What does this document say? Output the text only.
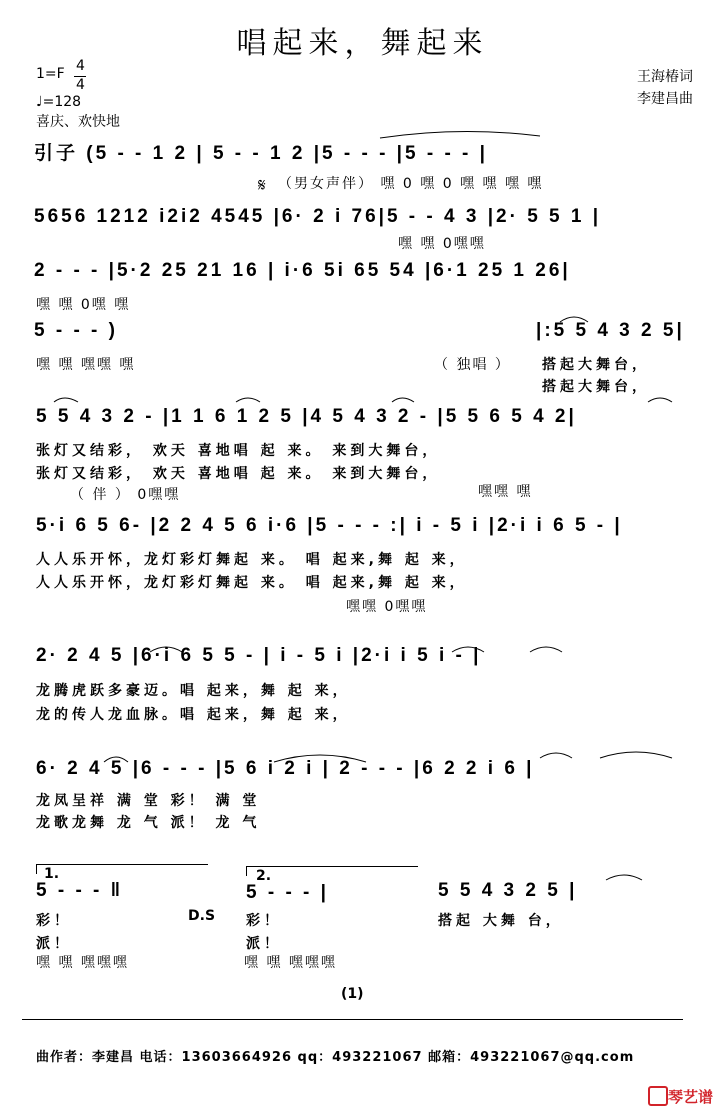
唱起来，舞起来
1=F 4
4
♩=128
喜庆、欢快地
王海椿词
李建昌曲
引子 (5 - - 1 2 | 5 - - 1 2 |5 - - - |5 - - - |
𝄋 （男女声伴） 嘿 0 嘿 0 嘿 嘿 嘿 嘿
5656 1212 i2i2 4545 |6· 2 i 76|5 - - 4 3 |2· 5 5 1 |
嘿 嘿 0嘿嘿
2 - - - |5·2 25 21 16 | i·6 5i 65 54 |6·1 25 1 26|
嘿 嘿 0嘿 嘿
5 - - - )	|:5 5 4 3 2 5|
嘿 嘿 嘿嘿 嘿	（ 独唱 ） 搭起大舞台，
搭起大舞台，
5 5 4 3 2 - |1 1 6 1 2 5 |4 5 4 3 2 - |5 5 6 5 4 2|
张灯又结彩， 欢天 喜地唱 起 来。 来到大舞台，
张灯又结彩， 欢天 喜地唱 起 来。 来到大舞台，
（ 伴 ） 0嘿嘿	嘿嘿 嘿
5·i 6 5 6- |2 2 4 5 6 i·6 |5 - - - :| i - 5 i |2·i i 6 5 - |
人人乐开怀，龙灯彩灯舞起 来。 唱 起来,舞 起 来，
人人乐开怀，龙灯彩灯舞起 来。 唱 起来,舞 起 来，
嘿嘿 0嘿嘿
2· 2 4 5 |6·i 6 5 5 - | i - 5 i |2·i i 5 i - |
龙腾虎跃多豪迈。唱 起来，舞 起 来，
龙的传人龙血脉。唱 起来，舞 起 来，
6· 2 4 5 |6 - - - |5 6 i 2 i | 2 - - - |6 2 2 i 6 |
龙凤呈祥 满 堂 彩！ 满 堂
龙歌龙舞 龙 气 派！ 龙 气
1.
5 - - - ‖
彩！
派！
D.S
2.
5 - - - |
彩！
派！
5 5 4 3 2 5 |
搭起 大舞 台，
嘿 嘿 嘿嘿嘿	嘿 嘿 嘿嘿嘿
(1)
曲作者：李建昌 电话：13603664926 qq：493221067 邮箱：493221067@qq.com
琴艺谱
